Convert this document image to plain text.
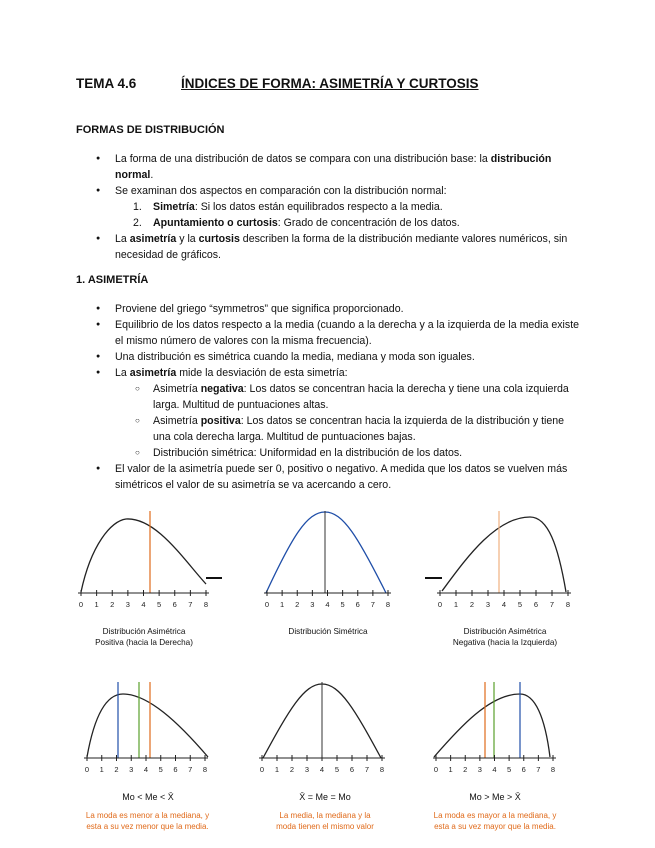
TEMA 4.6	ÍNDICES DE FORMA: ASIMETRÍA Y CURTOSIS
FORMAS DE DISTRIBUCIÓN
● La forma de una distribución de datos se compara con una distribución base: la distribución normal.
● Se examinan dos aspectos en comparación con la distribución normal:
1. Simetría: Si los datos están equilibrados respecto a la media.
2. Apuntamiento o curtosis: Grado de concentración de los datos.
● La asimetría y la curtosis describen la forma de la distribución mediante valores numéricos, sin necesidad de gráficos.
1. ASIMETRÍA
● Proviene del griego “symmetros” que significa proporcionado.
● Equilibrio de los datos respecto a la media (cuando a la derecha y a la izquierda de la media existe el mismo número de valores con la misma frecuencia).
● Una distribución es simétrica cuando la media, mediana y moda son iguales.
● La asimetría mide la desviación de esta simetría:
○ Asimetría negativa: Los datos se concentran hacia la derecha y tiene una cola izquierda larga. Multitud de puntuaciones altas.
○ Asimetría positiva: Los datos se concentran hacia la izquierda de la distribución y tiene una cola derecha larga. Multitud de puntuaciones bajas.
○ Distribución simétrica: Uniformidad en la distribución de los datos.
● El valor de la asimetría puede ser 0, positivo o negativo. A medida que los datos se vuelven más simétricos el valor de su asimetría se va acercando a cero.
0 1 2 3 4 5 6 7 8	0 1 2 3 4 5 6 7 8	0 1 2 3 4 5 6 7 8
Distribución Asimétrica
Positiva (hacia la Derecha)
Distribución Simétrica	Distribución Asimétrica
Negativa (hacia la Izquierda)
0 1 2 3 4 5 6 7 8	0 1 2 3 4 5 6 7 8	0 1 2 3 4 5 6 7 8
Mo < Me < X̄	X̄ = Me = Mo	Mo > Me > X̄
La moda es menor a la mediana, y
esta a su vez menor que la media.
La media, la mediana y la
moda tienen el mismo valor
La moda es mayor a la mediana, y
esta a su vez mayor que la media.
